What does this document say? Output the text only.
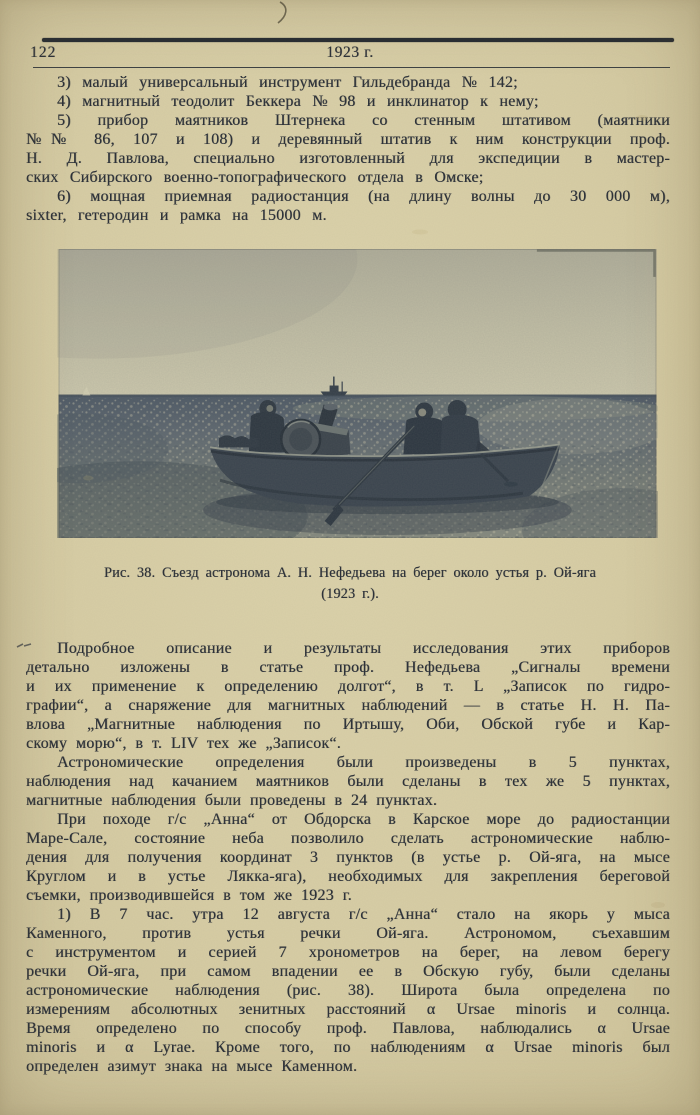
122	1923 г.
3) малый универсальный инструмент Гильдебранда № 142;
4) магнитный теодолит Беккера № 98 и инклинатор к нему;
5) прибор маятников Штернека со стенным штативом (маятники
№№ 86, 107 и 108) и деревянный штатив к ним конструкции проф.
Н. Д. Павлова, специально изготовленный для экспедиции в мастер-
ских Сибирского военно-топографического отдела в Омске;
6) мощная приемная радиостанция (на длину волны до 30 000 м),
sixter, гетеродин и рамка на 15000 м.
Рис. 38. Съезд астронома А. Н. Нефедьева на берег около устья р. Ой-яга
(1923 г.).
Подробное описание и результаты исследования этих приборов
детально изложены в статье проф. Нефедьева „Сигналы времени
и их применение к определению долгот“, в т. L „Записок по гидро-
графии“, а снаряжение для магнитных наблюдений — в статье Н. Н. Па-
влова „Магнитные наблюдения по Иртышу, Оби, Обской губе и Кар-
скому морю“, в т. LIV тех же „Записок“.
Астрономические определения были произведены в 5 пунктах,
наблюдения над качанием маятников были сделаны в тех же 5 пунктах,
магнитные наблюдения были проведены в 24 пунктах.
При походе г/с „Анна“ от Обдорска в Карское море до радиостанции
Маре-Сале, состояние неба позволило сделать астрономические наблю-
дения для получения координат 3 пунктов (в устье р. Ой-яга, на мысе
Круглом и в устье Лякка-яга), необходимых для закрепления береговой
съемки, производившейся в том же 1923 г.
1) В 7 час. утра 12 августа г/с „Анна“ стало на якорь у мыса
Каменного, против устья речки Ой-яга. Астрономом, съехавшим
с инструментом и серией 7 хронометров на берег, на левом берегу
речки Ой-яга, при самом впадении ее в Обскую губу, были сделаны
астрономические наблюдения (рис. 38). Широта была определена по
измерениям абсолютных зенитных расстояний α Ursae minoris и солнца.
Время определено по способу проф. Павлова, наблюдались α Ursae
minoris и α Lyrae. Кроме того, по наблюдениям α Ursae minoris был
определен азимут знака на мысе Каменном.
